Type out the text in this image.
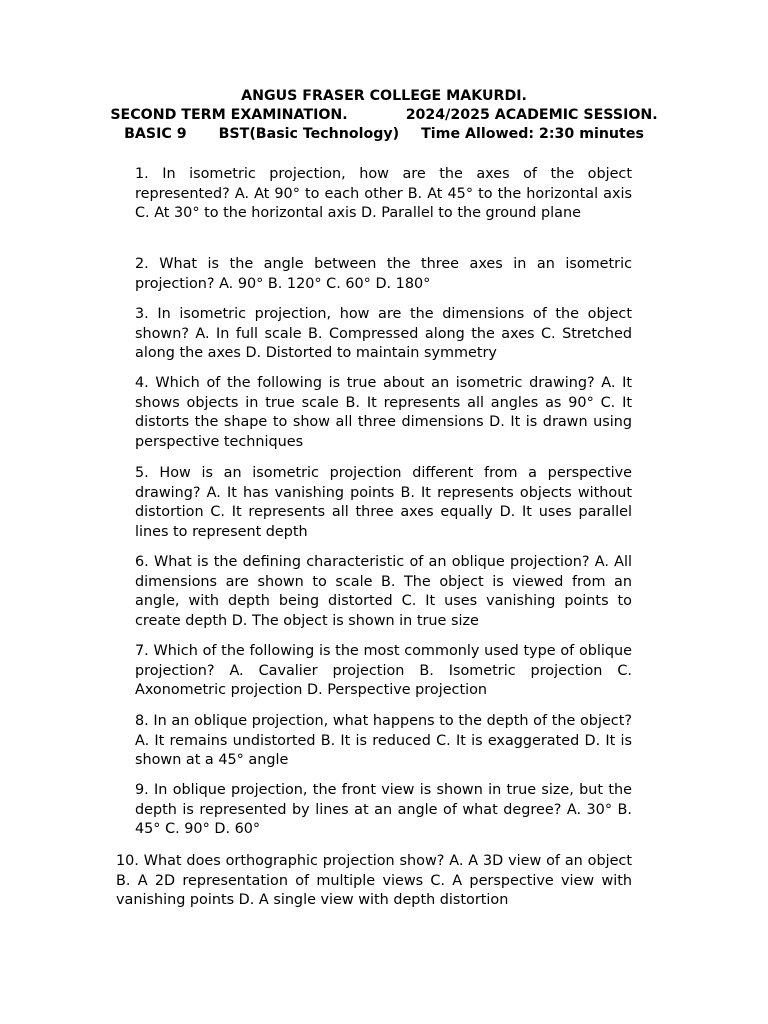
ANGUS FRASER COLLEGE MAKURDI.
SECOND TERM EXAMINATION.	2024/2025 ACADEMIC SESSION.
BASIC 9 BST(Basic Technology) Time Allowed: 2:30 minutes

1. In isometric projection, how are the axes of the object represented? A. At 90° to each other B. At 45° to the horizontal axis C. At 30° to the horizontal axis D. Parallel to the ground plane

2. What is the angle between the three axes in an isometric projection? A. 90° B. 120° C. 60° D. 180°

3. In isometric projection, how are the dimensions of the object shown? A. In full scale B. Compressed along the axes C. Stretched along the axes D. Distorted to maintain symmetry

4. Which of the following is true about an isometric drawing? A. It shows objects in true scale B. It represents all angles as 90° C. It distorts the shape to show all three dimensions D. It is drawn using perspective techniques

5. How is an isometric projection different from a perspective drawing? A. It has vanishing points B. It represents objects without distortion C. It represents all three axes equally D. It uses parallel lines to represent depth

6. What is the defining characteristic of an oblique projection? A. All dimensions are shown to scale B. The object is viewed from an angle, with depth being distorted C. It uses vanishing points to create depth D. The object is shown in true size

7. Which of the following is the most commonly used type of oblique projection? A. Cavalier projection B. Isometric projection C. Axonometric projection D. Perspective projection

8. In an oblique projection, what happens to the depth of the object? A. It remains undistorted B. It is reduced C. It is exaggerated D. It is shown at a 45° angle

9. In oblique projection, the front view is shown in true size, but the depth is represented by lines at an angle of what degree? A. 30° B. 45° C. 90° D. 60°

10. What does orthographic projection show? A. A 3D view of an object B. A 2D representation of multiple views C. A perspective view with vanishing points D. A single view with depth distortion
